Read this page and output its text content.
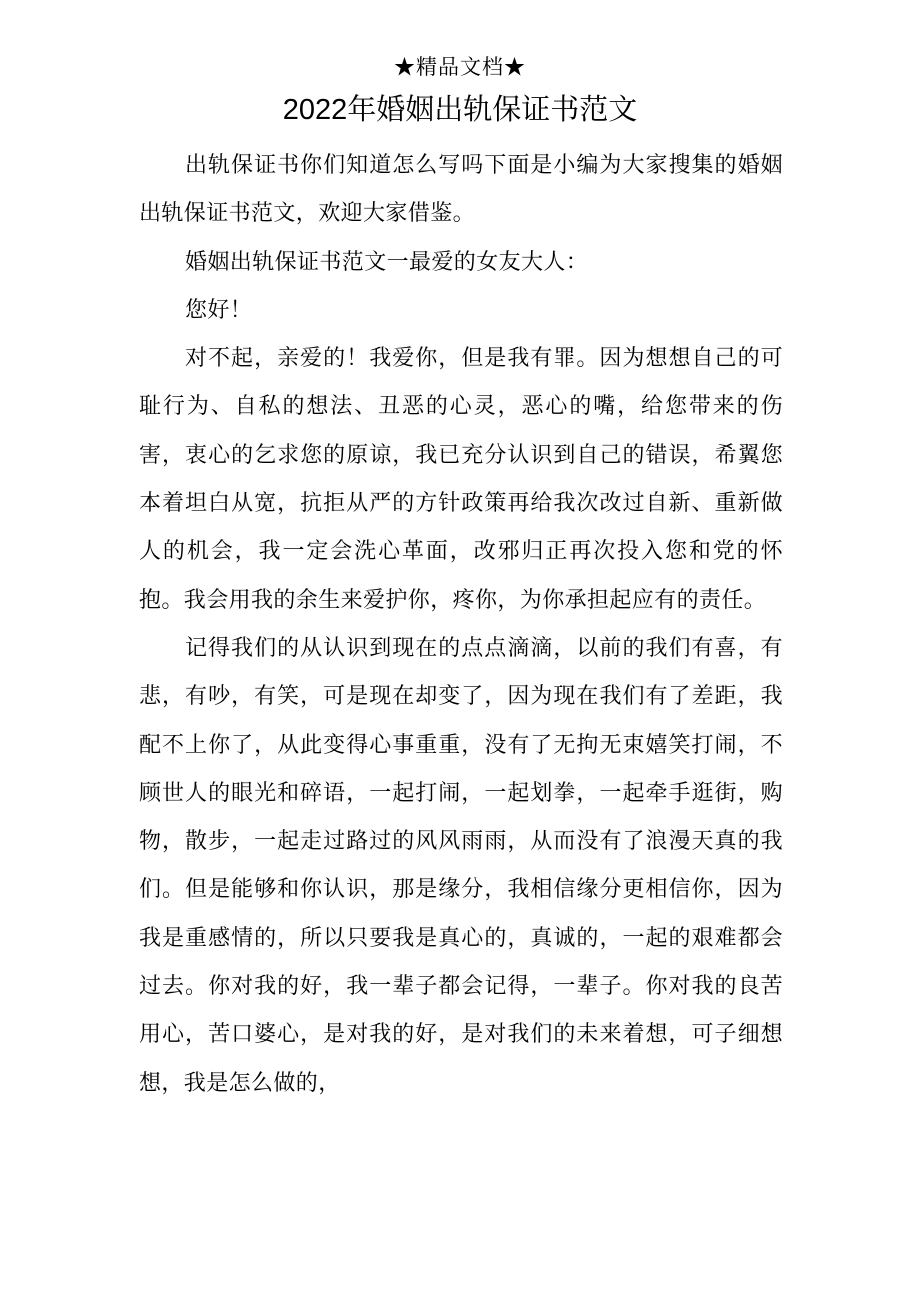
★精品文档★
2022年婚姻出轨保证书范文

出轨保证书你们知道怎么写吗下面是小编为大家搜集的婚姻出轨保证书范文，欢迎大家借鉴。

婚姻出轨保证书范文一最爱的女友大人：

您好！

对不起，亲爱的！我爱你，但是我有罪。因为想想自己的可耻行为、自私的想法、丑恶的心灵，恶心的嘴，给您带来的伤害，衷心的乞求您的原谅，我已充分认识到自己的错误，希翼您本着坦白从宽，抗拒从严的方针政策再给我次改过自新、重新做人的机会，我一定会洗心革面，改邪归正再次投入您和党的怀抱。我会用我的余生来爱护你，疼你，为你承担起应有的责任。

记得我们的从认识到现在的点点滴滴，以前的我们有喜，有悲，有吵，有笑，可是现在却变了，因为现在我们有了差距，我配不上你了，从此变得心事重重，没有了无拘无束嬉笑打闹，不顾世人的眼光和碎语，一起打闹，一起划拳，一起牵手逛街，购物，散步，一起走过路过的风风雨雨，从而没有了浪漫天真的我们。但是能够和你认识，那是缘分，我相信缘分更相信你，因为我是重感情的，所以只要我是真心的，真诚的，一起的艰难都会过去。你对我的好，我一辈子都会记得，一辈子。你对我的良苦用心，苦口婆心，是对我的好，是对我们的未来着想，可子细想想，我是怎么做的，
